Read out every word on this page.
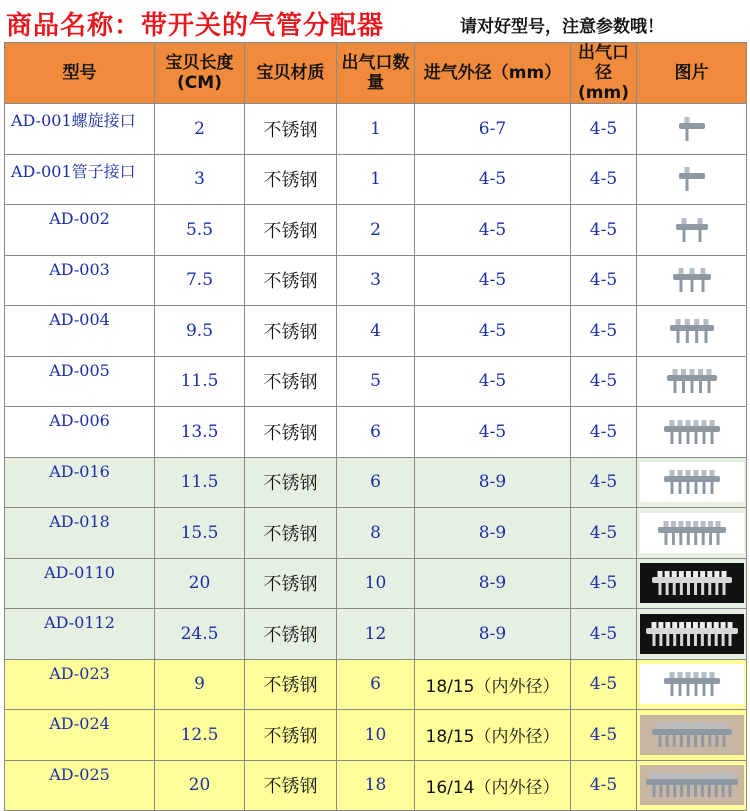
商品名称：带开关的气管分配器	请对好型号，注意参数哦！
型号	宝贝长度(CM)	宝贝材质	出气口数量	进气外径（mm）	出气口径(mm)	图片
AD-001螺旋接口	2	不锈钢	1	6-7	4-5	

AD-001管子接口	3	不锈钢	1	4-5	4-5	

AD-002	5.5	不锈钢	2	4-5	4-5	

AD-003	7.5	不锈钢	3	4-5	4-5	

AD-004	9.5	不锈钢	4	4-5	4-5	

AD-005	11.5	不锈钢	5	4-5	4-5	

AD-006	13.5	不锈钢	6	4-5	4-5	

AD-016	11.5	不锈钢	6	8-9	4-5	

AD-018	15.5	不锈钢	8	8-9	4-5	

AD-0110	20	不锈钢	10	8-9	4-5	

AD-0112	24.5	不锈钢	12	8-9	4-5	

AD-023	9	不锈钢	6	18/15（内外径）	4-5	

AD-024	12.5	不锈钢	10	18/15（内外径）	4-5	

AD-025	20	不锈钢	18	16/14（内外径）	4-5	
